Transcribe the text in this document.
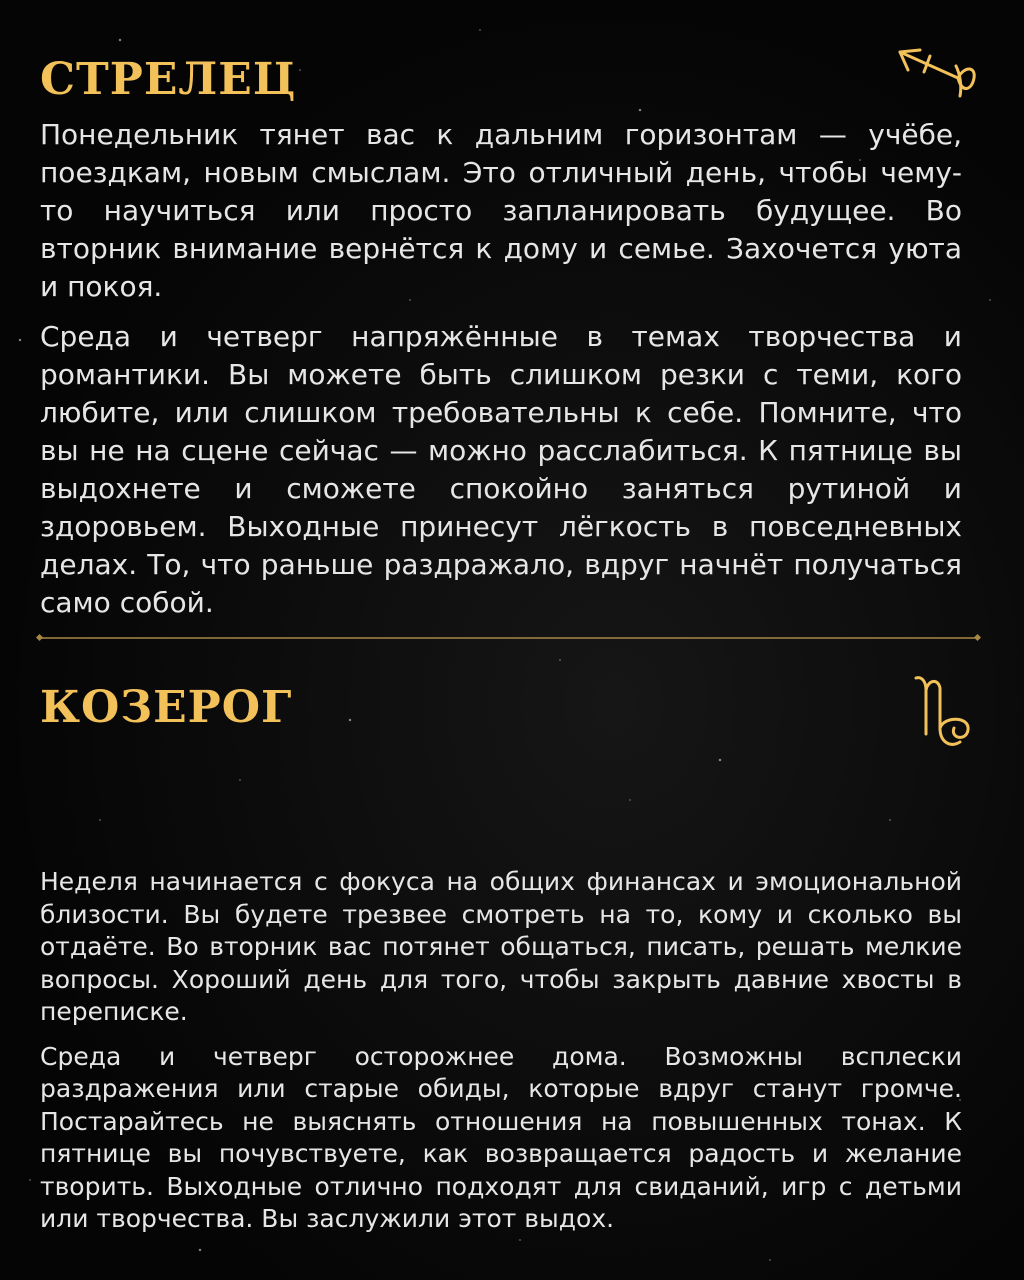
СТРЕЛЕЦ

Понедельник тянет вас к дальним горизонтам — учёбе, поездкам, новым смыслам. Это отличный день, чтобы чему-то научиться или просто запланировать будущее. Во вторник внимание вернётся к дому и семье. Захочется уюта и покоя.

Среда и четверг напряжённые в темах творчества и романтики. Вы можете быть слишком резки с теми, кого любите, или слишком требовательны к себе. Помните, что вы не на сцене сейчас — можно расслабиться. К пятнице вы выдохнете и сможете спокойно заняться рутиной и здоровьем. Выходные принесут лёгкость в повседневных делах. То, что раньше раздражало, вдруг начнёт получаться само собой.

КОЗЕРОГ

Неделя начинается с фокуса на общих финансах и эмоциональной близости. Вы будете трезвее смотреть на то, кому и сколько вы отдаёте. Во вторник вас потянет общаться, писать, решать мелкие вопросы. Хороший день для того, чтобы закрыть давние хвосты в переписке.

Среда и четверг осторожнее дома. Возможны всплески раздражения или старые обиды, которые вдруг станут громче. Постарайтесь не выяснять отношения на повышенных тонах. К пятнице вы почувствуете, как возвращается радость и желание творить. Выходные отлично подходят для свиданий, игр с детьми или творчества. Вы заслужили этот выдох.
